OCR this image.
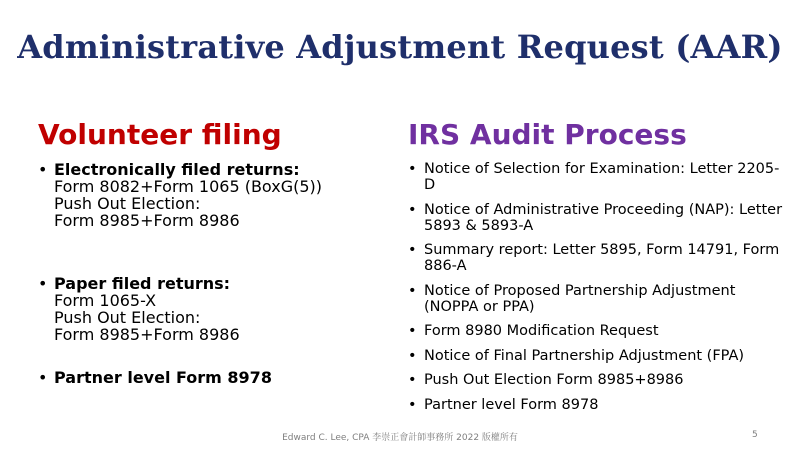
Administrative Adjustment Request (AAR)
Volunteer filing
• Electronically filed returns:
Form 8082+Form 1065 (BoxG(5))
Push Out Election:
Form 8985+Form 8986
• Paper filed returns:
Form 1065-X
Push Out Election:
Form 8985+Form 8986
• Partner level Form 8978
IRS Audit Process
• Notice of Selection for Examination: Letter 2205-D
• Notice of Administrative Proceeding (NAP): Letter 5893 & 5893-A
• Summary report: Letter 5895, Form 14791, Form 886-A
• Notice of Proposed Partnership Adjustment (NOPPA or PPA)
• Form 8980 Modification Request
• Notice of Final Partnership Adjustment (FPA)
• Push Out Election Form 8985+8986
• Partner level Form 8978
Edward C. Lee, CPA 李崇正會計師事務所 2022 版權所有	5
